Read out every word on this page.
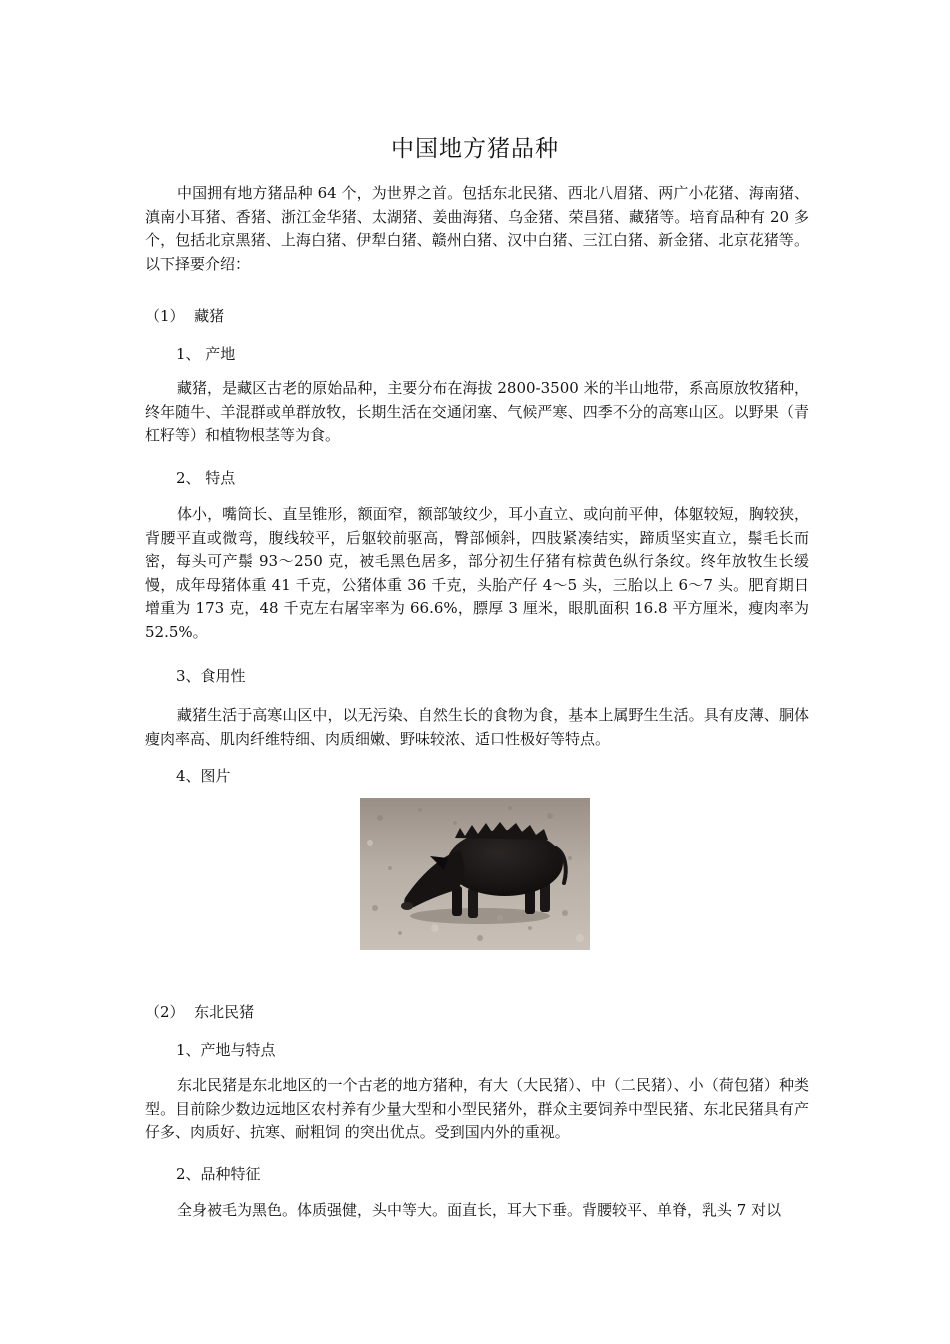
中国地方猪品种

中国拥有地方猪品种 64 个，为世界之首。包括东北民猪、西北八眉猪、两广小花猪、海南猪、滇南小耳猪、香猪、浙江金华猪、太湖猪、姜曲海猪、乌金猪、荣昌猪、藏猪等。培育品种有 20 多个，包括北京黑猪、上海白猪、伊犁白猪、赣州白猪、汉中白猪、三江白猪、新金猪、北京花猪等。以下择要介绍：

（1）  藏猪

1、 产地

藏猪，是藏区古老的原始品种，主要分布在海拔 2800-3500 米的半山地带，系高原放牧猪种，终年随牛、羊混群或单群放牧，长期生活在交通闭塞、气候严寒、四季不分的高寒山区。以野果（青杠籽等）和植物根茎等为食。

2、 特点

体小，嘴筒长、直呈锥形，额面窄，额部皱纹少，耳小直立、或向前平伸，体躯较短，胸较狭，背腰平直或微弯，腹线较平，后躯较前驱高，臀部倾斜，四肢紧凑结实，蹄质坚实直立，鬃毛长而密，每头可产鬃 93～250 克，被毛黑色居多，部分初生仔猪有棕黄色纵行条纹。终年放牧生长缓慢，成年母猪体重 41 千克，公猪体重 36 千克，头胎产仔 4～5 头，三胎以上 6～7 头。肥育期日增重为 173 克，48 千克左右屠宰率为 66.6%，膘厚 3 厘米，眼肌面积 16.8 平方厘米，瘦肉率为 52.5%。

3、食用性

藏猪生活于高寒山区中，以无污染、自然生长的食物为食，基本上属野生生活。具有皮薄、胴体瘦肉率高、肌肉纤维特细、肉质细嫩、野味较浓、适口性极好等特点。

4、图片

（2）  东北民猪

1、产地与特点

东北民猪是东北地区的一个古老的地方猪种，有大（大民猪）、中（二民猪）、小（荷包猪）种类型。目前除少数边远地区农村养有少量大型和小型民猪外，群众主要饲养中型民猪、东北民猪具有产仔多、肉质好、抗寒、耐粗饲 的突出优点。受到国内外的重视。

2、品种特征

全身被毛为黑色。体质强健，头中等大。面直长，耳大下垂。背腰较平、单脊，乳头 7 对以
